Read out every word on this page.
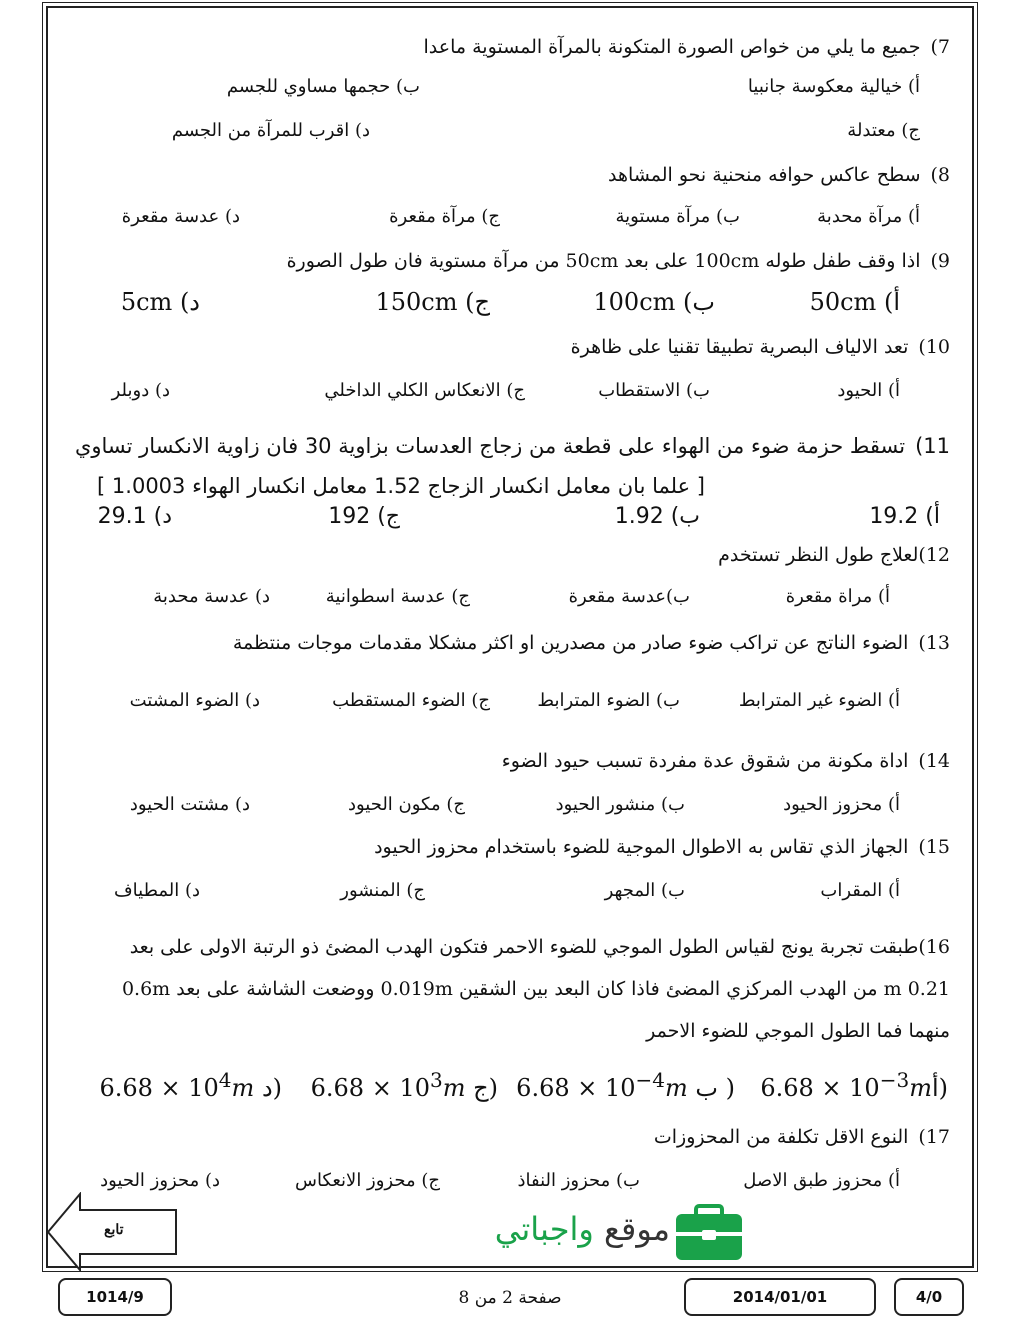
7)جميع ما يلي من خواص الصورة المتكونة بالمرآة المستوية ماعدا
أ) خيالية معكوسة جانبيا
ب) حجمها مساوي للجسم
ج) معتدلة
د) اقرب للمرآة من الجسم
8)سطح عاكس حوافه منحنية نحو المشاهد
أ) مرآة محدبة
ب) مرآة مستوية
ج) مرآة مقعرة
د) عدسة مقعرة
9)اذا وقف طفل طوله 100cm على بعد 50cm من مرآة مستوية فان طول الصورة
أ) 50cm
ب) 100cm
ج) 150cm
د) 5cm
10)تعد الالياف البصرية تطبيقا تقنيا على ظاهرة
أ) الحيود
ب) الاستقطاب
ج) الانعكاس الكلي الداخلي
د) دوبلر
11)تسقط حزمة ضوء من الهواء على قطعة من زجاج العدسات بزاوية 30 فان زاوية الانكسار تساوي
[ علما بان معامل انكسار الزجاج 1.52 معامل انكسار الهواء 1.0003 ]
أ) 19.2
ب) 1.92
ج) 192
د) 29.1
12)لعلاج طول النظر تستخدم
أ) مراة مقعرة
ب)عدسة مقعرة
ج) عدسة اسطوانية
د) عدسة محدبة
13)الضوء الناتج عن تراكب ضوء صادر من مصدرين او اكثر مشكلا مقدمات موجات منتظمة
أ) الضوء غير المترابط
ب) الضوء المترابط
ج) الضوء المستقطب
د) الضوء المشتت
14)اداة مكونة من شقوق عدة مفردة تسبب حيود الضوء
أ) محزوز الحيود
ب) منشور الحيود
ج) مكون الحيود
د) مشتت الحيود
15)الجهاز الذي تقاس به الاطوال الموجية للضوء باستخدام محزوز الحيود
أ) المقراب
ب) المجهر
ج) المنشور
د) المطياف
16)طبقت تجربة يونج لقياس الطول الموجي للضوء الاحمر فتكون الهدب المضئ ذو الرتبة الاولى على بعد 0.21 m من الهدب المركزي المضئ فاذا كان البعد بين الشقين 0.019m ووضعت الشاشة على بعد 0.6m منهما فما الطول الموجي للضوء الاحمر
$6.68 \times 10^{-3}mأ$)
$6.68 \times 10^{-4}m$ ب )
$6.68 \times 10^3m$ ج)
$6.68 \times 10^4m$ د)
17)النوع الاقل تكلفة من المحزوزات
أ) محزوز طبق الاصل
ب) محزوز النفاذ
ج) محزوز الانعكاس
د) محزوز الحيود
تابع	موقع واجباتي
1014/9	صفحة 2 من 8	2014/01/01	4/0
